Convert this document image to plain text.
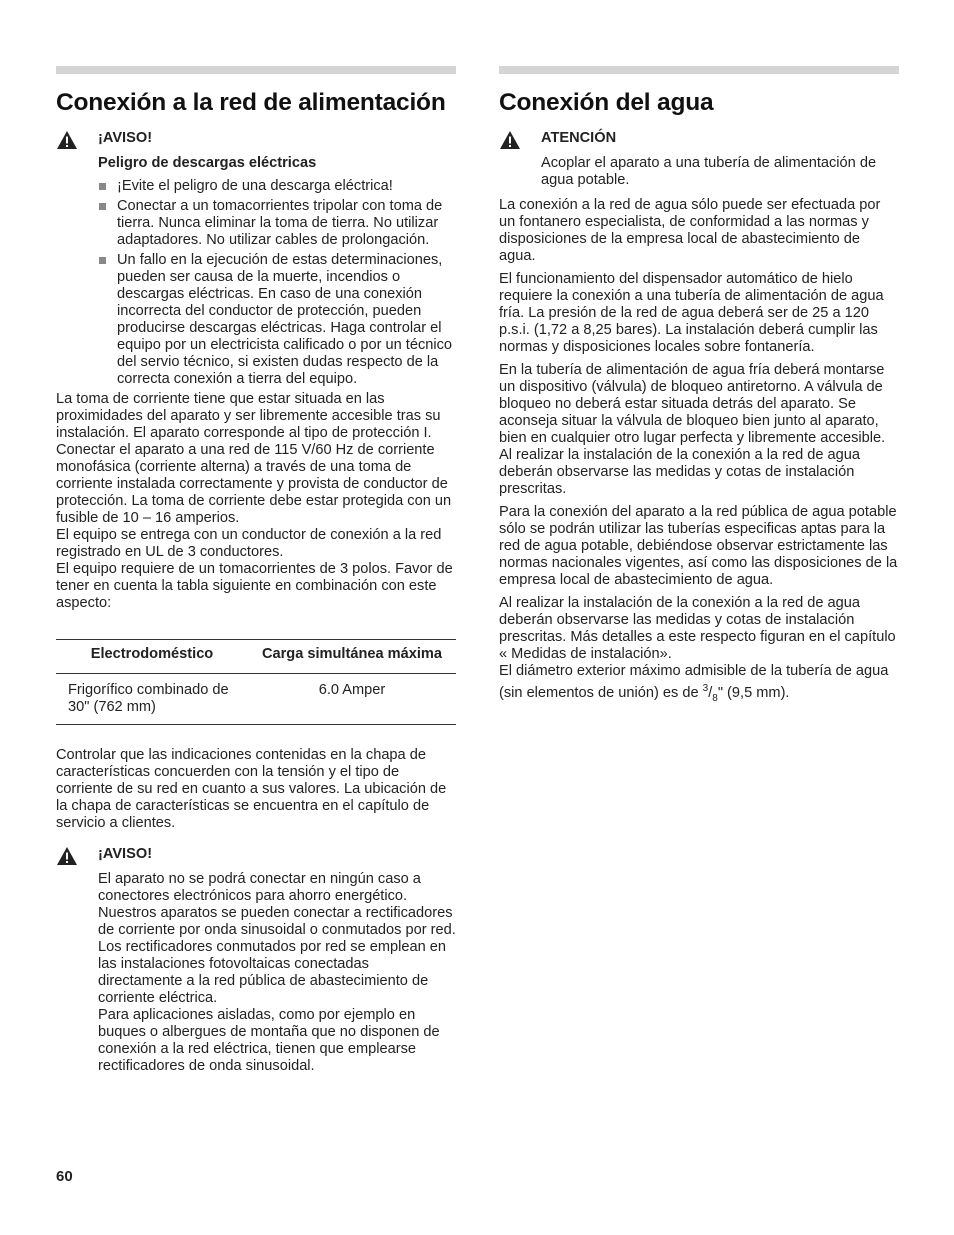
Conexión a la red de alimentación

¡AVISO!

Peligro de descargas eléctricas

¡Evite el peligro de una descarga eléctrica!
Conectar a un tomacorrientes tripolar con toma de tierra. Nunca eliminar la toma de tierra. No utilizar adaptadores. No utilizar cables de prolongación.
Un fallo en la ejecución de estas determinaciones, pueden ser causa de la muerte, incendios o descargas eléctricas. En caso de una conexión incorrecta del conductor de protección, pueden producirse descargas eléctricas. Haga controlar el equipo por un electricista calificado o por un técnico del servio técnico, si existen dudas respecto de la correcta conexión a tierra del equipo.

La toma de corriente tiene que estar situada en las proximidades del aparato y ser libremente accesible tras su instalación. El aparato corresponde al tipo de protección I.

Conectar el aparato a una red de 115 V/60 Hz de corriente monofásica (corriente alterna) a través de una toma de corriente instalada correctamente y provista de conductor de protección. La toma de corriente debe estar protegida con un fusible de 10 – 16 amperios.

El equipo se entrega con un conductor de conexión a la red registrado en UL de 3 conductores.

El equipo requiere de un tomacorrientes de 3 polos. Favor de tener en cuenta la tabla siguiente en combinación con este aspecto:

Electrodoméstico	Carga simultánea máxima
Frigorífico combinado de 30" (762 mm)	6.0 Amper

Controlar que las indicaciones contenidas en la chapa de características concuerden con la tensión y el tipo de corriente de su red en cuanto a sus valores. La ubicación de la chapa de características se encuentra en el capítulo de servicio a clientes.

¡AVISO!

El aparato no se podrá conectar en ningún caso a conectores electrónicos para ahorro energético. Nuestros aparatos se pueden conectar a rectificadores de corriente por onda sinusoidal o conmutados por red. Los rectificadores conmutados por red se emplean en las instalaciones fotovoltaicas conectadas directamente a la red pública de abastecimiento de corriente eléctrica.

Para aplicaciones aisladas, como por ejemplo en buques o albergues de montaña que no disponen de conexión a la red eléctrica, tienen que emplearse rectificadores de onda sinusoidal.

Conexión del agua

ATENCIÓN

Acoplar el aparato a una tubería de alimentación de agua potable.

La conexión a la red de agua sólo puede ser efectuada por un fontanero especialista, de conformidad a las normas y disposiciones de la empresa local de abastecimiento de agua.

El funcionamiento del dispensador automático de hielo requiere la conexión a una tubería de alimentación de agua fría. La presión de la red de agua deberá ser de 25 a 120 p.s.i. (1,72 a 8,25 bares). La instalación deberá cumplir las normas y disposiciones locales sobre fontanería.

En la tubería de alimentación de agua fría deberá montarse un dispositivo (válvula) de bloqueo antiretorno. A válvula de bloqueo no deberá estar situada detrás del aparato. Se aconseja situar la válvula de bloqueo bien junto al aparato, bien en cualquier otro lugar perfecta y libremente accesible. Al realizar la instalación de la conexión a la red de agua deberán observarse las medidas y cotas de instalación prescritas.

Para la conexión del aparato a la red pública de agua potable sólo se podrán utilizar las tuberías especificas aptas para la red de agua potable, debiéndose observar estrictamente las normas nacionales vigentes, así como las disposiciones de la empresa local de abastecimiento de agua.

Al realizar la instalación de la conexión a la red de agua deberán observarse las medidas y cotas de instalación prescritas. Más detalles a este respecto figuran en el capítulo « Medidas de instalación».

El diámetro exterior máximo admisible de la tubería de agua (sin elementos de unión) es de $^3/_8$" (9,5 mm).

60
